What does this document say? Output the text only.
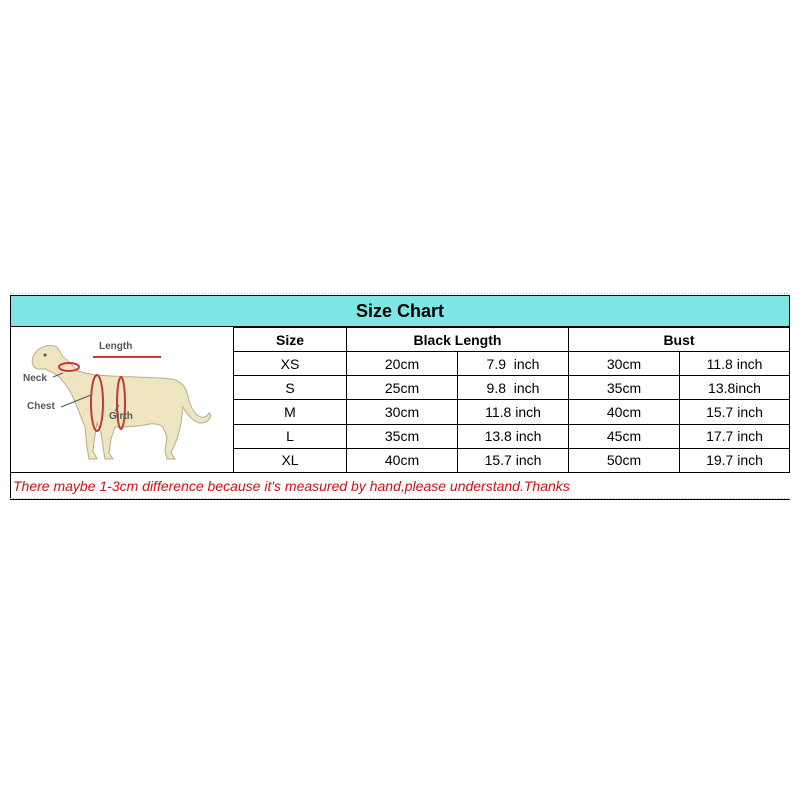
Size Chart
Length
Neck
Chest
Girth
Size	Black Length		Bust	
XS	20cm	7.9  inch	30cm	11.8 inch
S	25cm	9.8  inch	35cm	13.8inch
M	30cm	11.8 inch	40cm	15.7 inch
L	35cm	13.8 inch	45cm	17.7 inch
XL	40cm	15.7 inch	50cm	19.7 inch
There maybe 1-3cm difference because it's measured by hand,please understand.Thanks
